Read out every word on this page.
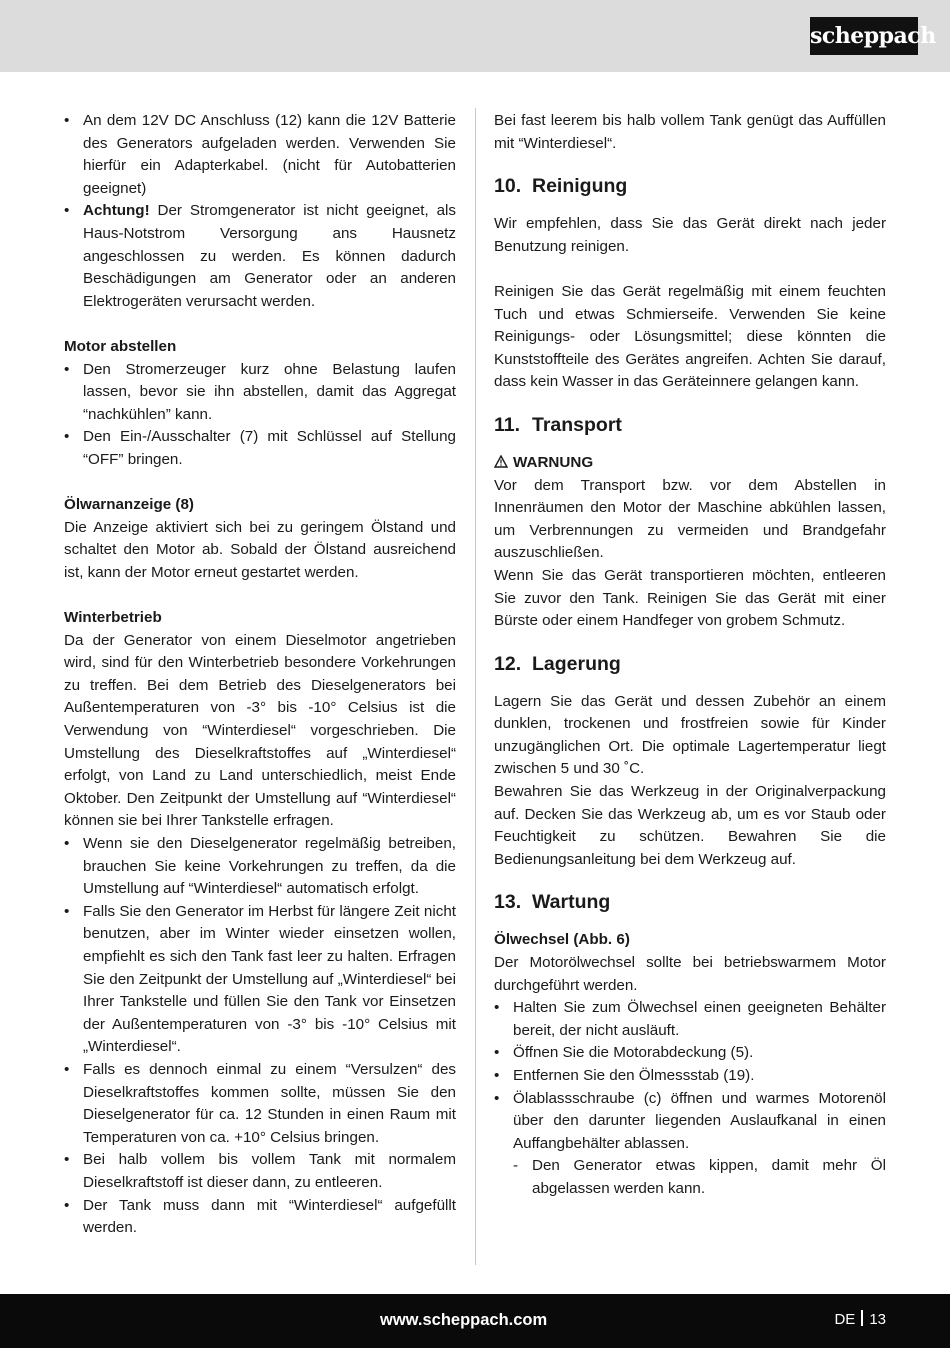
scheppach
• An dem 12V DC Anschluss (12) kann die 12V Batterie des Generators aufgeladen werden. Verwenden Sie hierfür ein Adapterkabel. (nicht für Autobatterien geeignet)
• Achtung! Der Stromgenerator ist nicht geeignet, als Haus-Notstrom Versorgung ans Hausnetz angeschlossen zu werden. Es können dadurch Beschädigungen am Generator oder an anderen Elektrogeräten verursacht werden.
Motor abstellen
• Den Stromerzeuger kurz ohne Belastung laufen lassen, bevor sie ihn abstellen, damit das Aggregat “nachkühlen” kann.
• Den Ein-/Ausschalter (7) mit Schlüssel auf Stellung “OFF” bringen.
Ölwarnanzeige (8)

Die Anzeige aktiviert sich bei zu geringem Ölstand und schaltet den Motor ab. Sobald der Ölstand ausreichend ist, kann der Motor erneut gestartet werden.

Winterbetrieb

Da der Generator von einem Dieselmotor angetrieben wird, sind für den Winterbetrieb besondere Vorkehrungen zu treffen. Bei dem Betrieb des Dieselgenerators bei Außentemperaturen von -3° bis -10° Celsius ist die Verwendung von “Winterdiesel“ vorgeschrieben. Die Umstellung des Dieselkraftstoffes auf „Winterdiesel“ erfolgt, von Land zu Land unterschiedlich, meist Ende Oktober. Den Zeitpunkt der Umstellung auf “Winterdiesel“ können sie bei Ihrer Tankstelle erfragen.

• Wenn sie den Dieselgenerator regelmäßig betreiben, brauchen Sie keine Vorkehrungen zu treffen, da die Umstellung auf “Winterdiesel“ automatisch erfolgt.
• Falls Sie den Generator im Herbst für längere Zeit nicht benutzen, aber im Winter wieder einsetzen wollen, empfiehlt es sich den Tank fast leer zu halten. Erfragen Sie den Zeitpunkt der Umstellung auf „Winterdiesel“ bei Ihrer Tankstelle und füllen Sie den Tank vor Einsetzen der Außentemperaturen von -3° bis -10° Celsius mit „Winterdiesel“.
• Falls es dennoch einmal zu einem “Versulzen“ des Dieselkraftstoffes kommen sollte, müssen Sie den Dieselgenerator für ca. 12 Stunden in einen Raum mit Temperaturen von ca. +10° Celsius bringen.
• Bei halb vollem bis vollem Tank mit normalem Dieselkraftstoff ist dieser dann, zu entleeren.
• Der Tank muss dann mit “Winterdiesel“ aufgefüllt werden.

Bei fast leerem bis halb vollem Tank genügt das Auffüllen mit “Winterdiesel“.

10. Reinigung

Wir empfehlen, dass Sie das Gerät direkt nach jeder Benutzung reinigen.

Reinigen Sie das Gerät regelmäßig mit einem feuchten Tuch und etwas Schmierseife. Verwenden Sie keine Reinigungs- oder Lösungsmittel; diese könnten die Kunststoffteile des Gerätes angreifen. Achten Sie darauf, dass kein Wasser in das Geräteinnere gelangen kann.

11. Transport
WARNUNG

Vor dem Transport bzw. vor dem Abstellen in Innenräumen den Motor der Maschine abkühlen lassen, um Verbrennungen zu vermeiden und Brandgefahr auszuschließen.

Wenn Sie das Gerät transportieren möchten, entleeren Sie zuvor den Tank. Reinigen Sie das Gerät mit einer Bürste oder einem Handfeger von grobem Schmutz.

12. Lagerung

Lagern Sie das Gerät und dessen Zubehör an einem dunklen, trockenen und frostfreien sowie für Kinder unzugänglichen Ort. Die optimale Lagertemperatur liegt zwischen 5 und 30 ˚C.

Bewahren Sie das Werkzeug in der Originalverpackung auf. Decken Sie das Werkzeug ab, um es vor Staub oder Feuchtigkeit zu schützen. Bewahren Sie die Bedienungsanleitung bei dem Werkzeug auf.

13. Wartung
Ölwechsel (Abb. 6)

Der Motorölwechsel sollte bei betriebswarmem Motor durchgeführt werden.

• Halten Sie zum Ölwechsel einen geeigneten Behälter bereit, der nicht ausläuft.
• Öffnen Sie die Motorabdeckung (5).
• Entfernen Sie den Ölmessstab (19).
• Ölablassschraube (c) öffnen und warmes Motorenöl über den darunter liegenden Auslaufkanal in einen Auffangbehälter ablassen.
- Den Generator etwas kippen, damit mehr Öl abgelassen werden kann.
www.scheppach.com	DE 13
